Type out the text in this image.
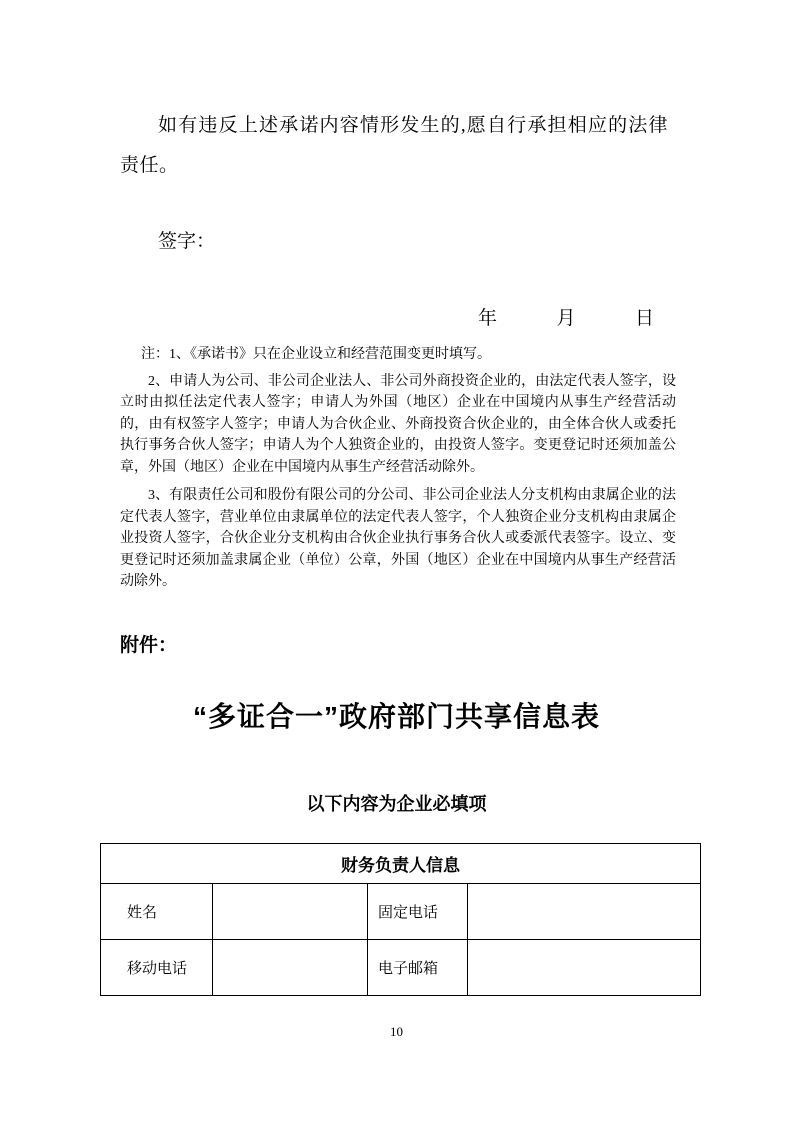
如有违反上述承诺内容情形发生的,愿自行承担相应的法律责任。

签字：

年	月	日

注：1、《承诺书》只在企业设立和经营范围变更时填写。

2、申请人为公司、非公司企业法人、非公司外商投资企业的，由法定代表人签字，设立时由拟任法定代表人签字；申请人为外国（地区）企业在中国境内从事生产经营活动的，由有权签字人签字；申请人为合伙企业、外商投资合伙企业的，由全体合伙人或委托执行事务合伙人签字；申请人为个人独资企业的，由投资人签字。变更登记时还须加盖公章，外国（地区）企业在中国境内从事生产经营活动除外。

3、有限责任公司和股份有限公司的分公司、非公司企业法人分支机构由隶属企业的法定代表人签字，营业单位由隶属单位的法定代表人签字，个人独资企业分支机构由隶属企业投资人签字，合伙企业分支机构由合伙企业执行事务合伙人或委派代表签字。设立、变更登记时还须加盖隶属企业（单位）公章，外国（地区）企业在中国境内从事生产经营活动除外。

附件：

“多证合一”政府部门共享信息表

以下内容为企业必填项

财务负责人信息			
姓名		固定电话	
移动电话		电子邮箱	
10
